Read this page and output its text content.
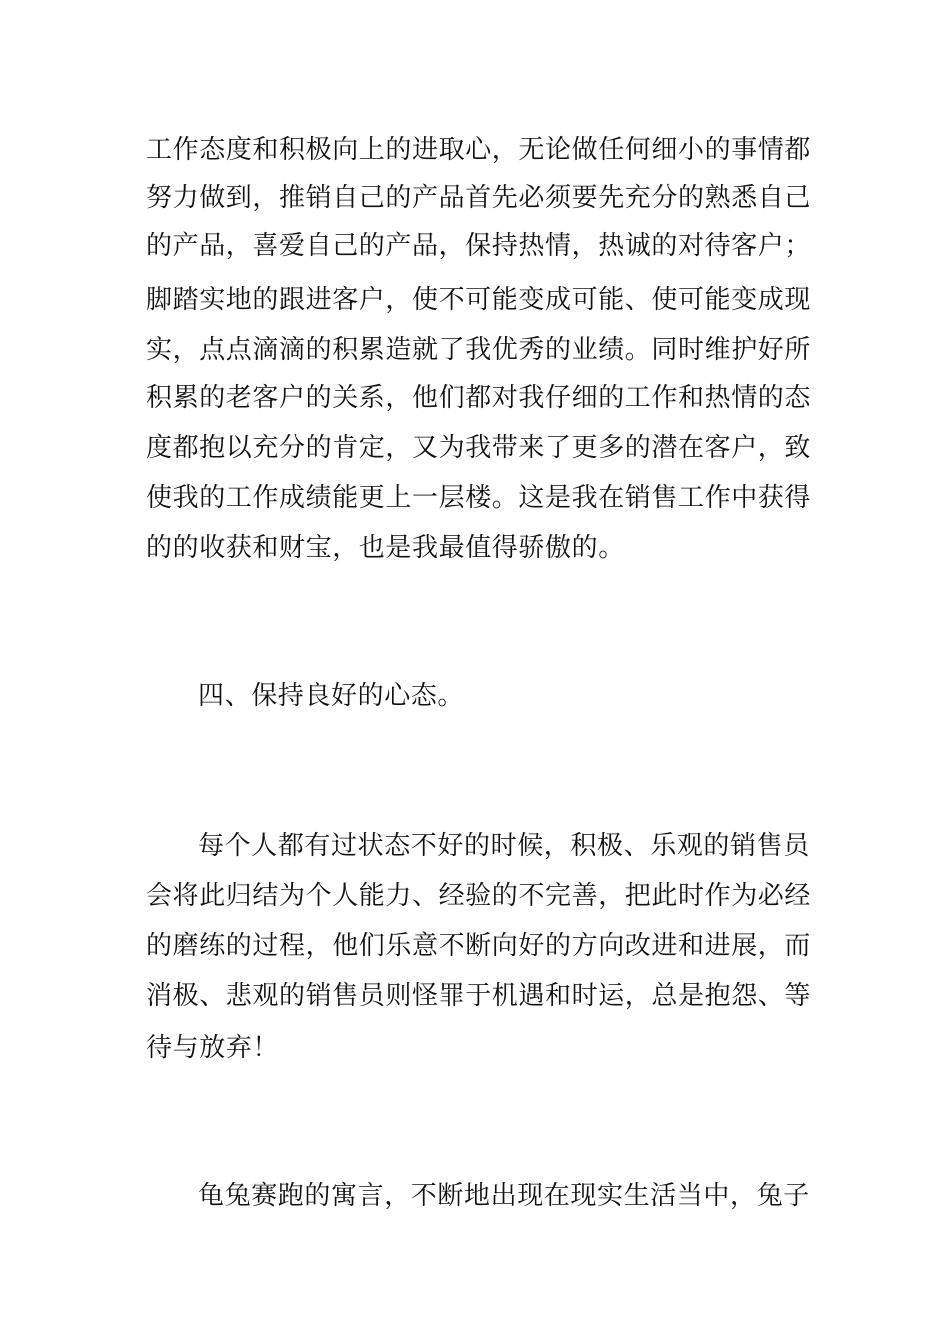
工作态度和积极向上的进取心，无论做任何细小的事情都
努力做到，推销自己的产品首先必须要先充分的熟悉自己
的产品，喜爱自己的产品，保持热情，热诚的对待客户；
脚踏实地的跟进客户，使不可能变成可能、使可能变成现
实，点点滴滴的积累造就了我优秀的业绩。同时维护好所
积累的老客户的关系，他们都对我仔细的工作和热情的态
度都抱以充分的肯定，又为我带来了更多的潜在客户，致
使我的工作成绩能更上一层楼。这是我在销售工作中获得
的的收获和财宝，也是我最值得骄傲的。
四、保持良好的心态。
每个人都有过状态不好的时候，积极、乐观的销售员
会将此归结为个人能力、经验的不完善，把此时作为必经
的磨练的过程，他们乐意不断向好的方向改进和进展，而
消极、悲观的销售员则怪罪于机遇和时运，总是抱怨、等
待与放弃！
龟兔赛跑的寓言，不断地出现在现实生活当中，兔子
